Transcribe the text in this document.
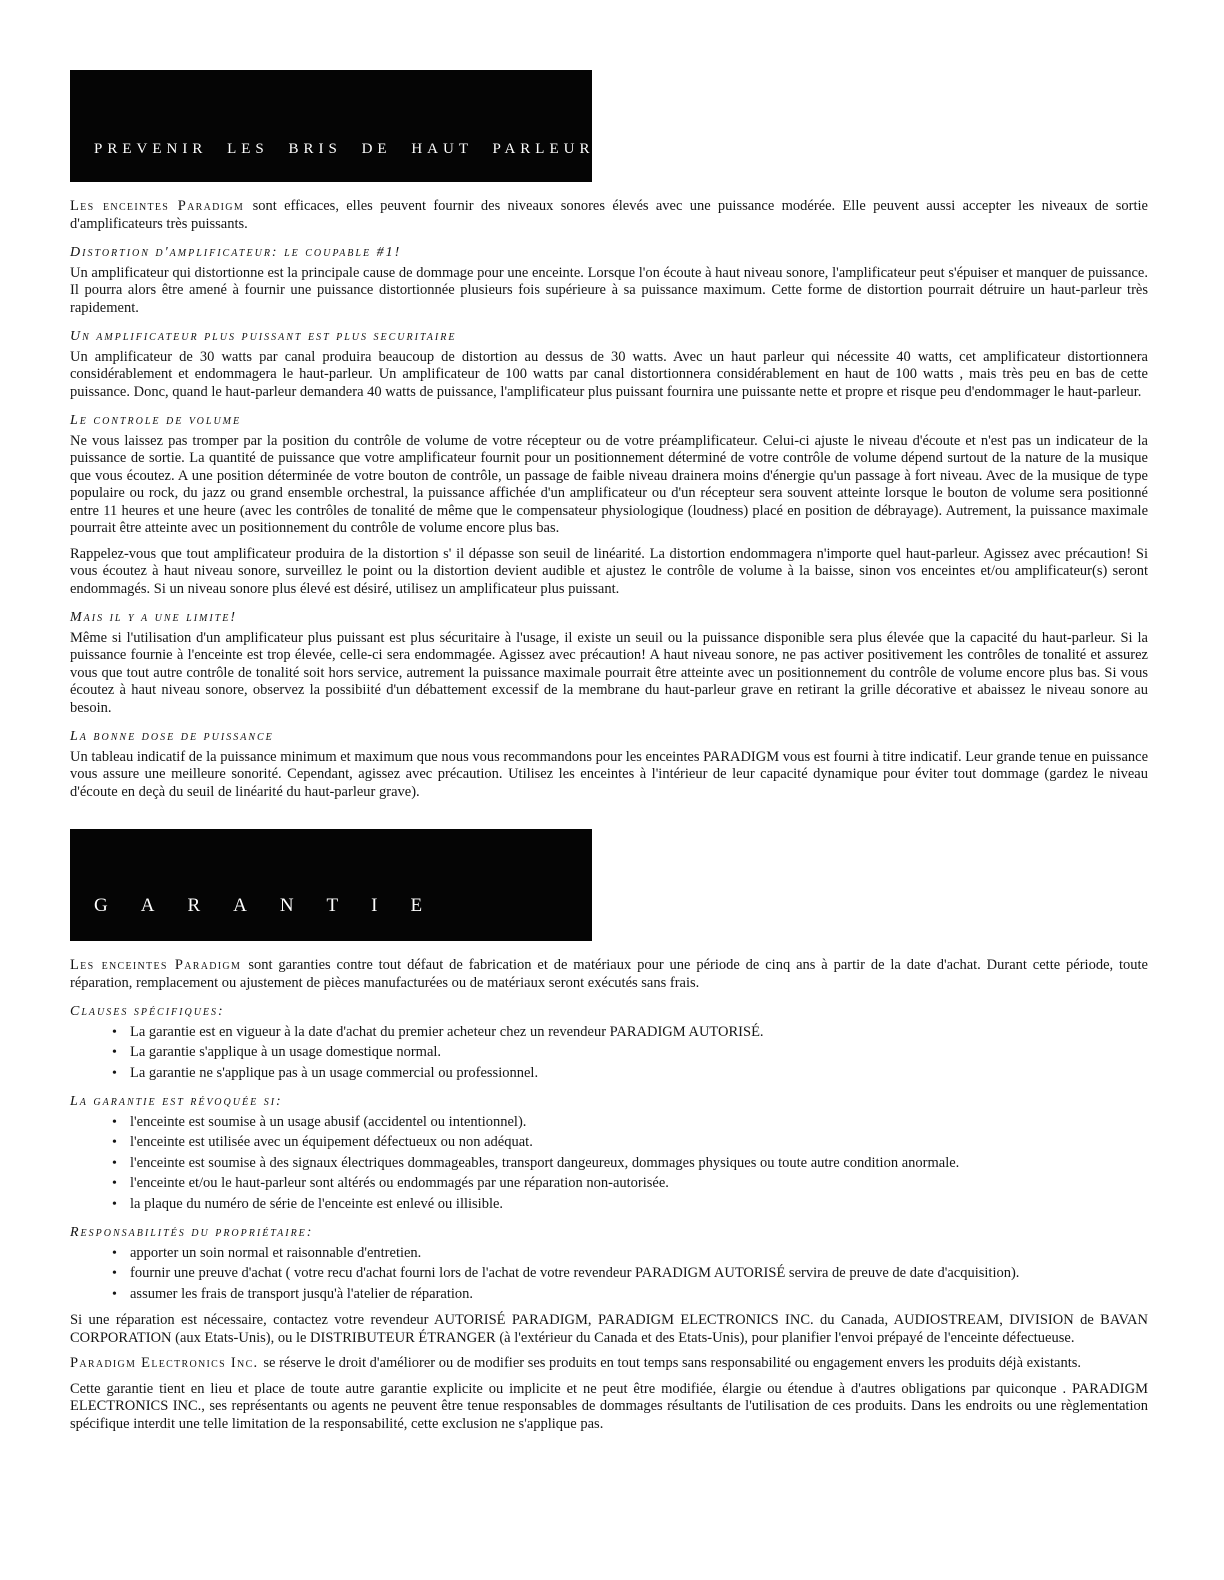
PREVENIR LES BRIS DE HAUT PARLEUR

Les enceintes Paradigm sont efficaces, elles peuvent fournir des niveaux sonores élevés avec une puissance modérée. Elle peuvent aussi accepter les niveaux de sortie d'amplificateurs très puissants.

Distortion d'amplificateur: le coupable #1!

Un amplificateur qui distortionne est la principale cause de dommage pour une enceinte. Lorsque l'on écoute à haut niveau sonore, l'amplificateur peut s'épuiser et manquer de puissance. Il pourra alors être amené à fournir une puissance distortionnée plusieurs fois supérieure à sa puissance maximum. Cette forme de distortion pourrait détruire un haut-parleur très rapidement.

Un amplificateur plus puissant est plus securitaire

Un amplificateur de 30 watts par canal produira beaucoup de distortion au dessus de 30 watts. Avec un haut parleur qui nécessite 40 watts, cet amplificateur distortionnera considérablement et endommagera le haut-parleur. Un amplificateur de 100 watts par canal distortionnera considérablement en haut de 100 watts , mais très peu en bas de cette puissance. Donc, quand le haut-parleur demandera 40 watts de puissance, l'amplificateur plus puissant fournira une puissante nette et propre et risque peu d'endommager le haut-parleur.

Le controle de volume

Ne vous laissez pas tromper par la position du contrôle de volume de votre récepteur ou de votre préamplificateur. Celui-ci ajuste le niveau d'écoute et n'est pas un indicateur de la puissance de sortie. La quantité de puissance que votre amplificateur fournit pour un positionnement déterminé de votre contrôle de volume dépend surtout de la nature de la musique que vous écoutez. A une position déterminée de votre bouton de contrôle, un passage de faible niveau drainera moins d'énergie qu'un passage à fort niveau. Avec de la musique de type populaire ou rock, du jazz ou grand ensemble orchestral, la puissance affichée d'un amplificateur ou d'un récepteur sera souvent atteinte lorsque le bouton de volume sera positionné entre 11 heures et une heure (avec les contrôles de tonalité de même que le compensateur physiologique (loudness) placé en position de débrayage). Autrement, la puissance maximale pourrait être atteinte avec un positionnement du contrôle de volume encore plus bas.

Rappelez-vous que tout amplificateur produira de la distortion s' il dépasse son seuil de linéarité. La distortion endommagera n'importe quel haut-parleur. Agissez avec précaution! Si vous écoutez à haut niveau sonore, surveillez le point ou la distortion devient audible et ajustez le contrôle de volume à la baisse, sinon vos enceintes et/ou amplificateur(s) seront endommagés. Si un niveau sonore plus élevé est désiré, utilisez un amplificateur plus puissant.

Mais il y a une limite!

Même si l'utilisation d'un amplificateur plus puissant est plus sécuritaire à l'usage, il existe un seuil ou la puissance disponible sera plus élevée que la capacité du haut-parleur. Si la puissance fournie à l'enceinte est trop élevée, celle-ci sera endommagée. Agissez avec précaution! A haut niveau sonore, ne pas activer positivement les contrôles de tonalité et assurez vous que tout autre contrôle de tonalité soit hors service, autrement la puissance maximale pourrait être atteinte avec un positionnement du contrôle de volume encore plus bas. Si vous écoutez à haut niveau sonore, observez la possibiité d'un débattement excessif de la membrane du haut-parleur grave en retirant la grille décorative et abaissez le niveau sonore au besoin.

La bonne dose de puissance

Un tableau indicatif de la puissance minimum et maximum que nous vous recommandons pour les enceintes PARADIGM vous est fourni à titre indicatif. Leur grande tenue en puissance vous assure une meilleure sonorité. Cependant, agissez avec précaution. Utilisez les enceintes à l'intérieur de leur capacité dynamique pour éviter tout dommage (gardez le niveau d'écoute en deçà du seuil de linéarité du haut-parleur grave).

GARANTIE

Les enceintes Paradigm sont garanties contre tout défaut de fabrication et de matériaux pour une période de cinq ans à partir de la date d'achat. Durant cette période, toute réparation, remplacement ou ajustement de pièces manufacturées ou de matériaux seront exécutés sans frais.

Clauses spécifiques:
• La garantie est en vigueur à la date d'achat du premier acheteur chez un revendeur PARADIGM AUTORISÉ.
• La garantie s'applique à un usage domestique normal.
• La garantie ne s'applique pas à un usage commercial ou professionnel.
La garantie est révoquée si:
• l'enceinte est soumise à un usage abusif (accidentel ou intentionnel).
• l'enceinte est utilisée avec un équipement défectueux ou non adéquat.
• l'enceinte est soumise à des signaux électriques dommageables, transport dangeureux, dommages physiques ou toute autre condition anormale.
• l'enceinte et/ou le haut-parleur sont altérés ou endommagés par une réparation non-autorisée.
• la plaque du numéro de série de l'enceinte est enlevé ou illisible.
Responsabilités du propriétaire:
• apporter un soin normal et raisonnable d'entretien.
• fournir une preuve d'achat ( votre recu d'achat fourni lors de l'achat de votre revendeur PARADIGM AUTORISÉ servira de preuve de date d'acquisition).
• assumer les frais de transport jusqu'à l'atelier de réparation.

Si une réparation est nécessaire, contactez votre revendeur AUTORISÉ PARADIGM, PARADIGM ELECTRONICS INC. du Canada, AUDIOSTREAM, DIVISION de BAVAN CORPORATION (aux Etats-Unis), ou le DISTRIBUTEUR ÉTRANGER (à l'extérieur du Canada et des Etats-Unis), pour planifier l'envoi prépayé de l'enceinte défectueuse.

Paradigm Electronics Inc. se réserve le droit d'améliorer ou de modifier ses produits en tout temps sans responsabilité ou engagement envers les produits déjà existants.

Cette garantie tient en lieu et place de toute autre garantie explicite ou implicite et ne peut être modifiée, élargie ou étendue à d'autres obligations par quiconque . PARADIGM ELECTRONICS INC., ses représentants ou agents ne peuvent être tenue responsables de dommages résultants de l'utilisation de ces produits. Dans les endroits ou une règlementation spécifique interdit une telle limitation de la responsabilité, cette exclusion ne s'applique pas.
